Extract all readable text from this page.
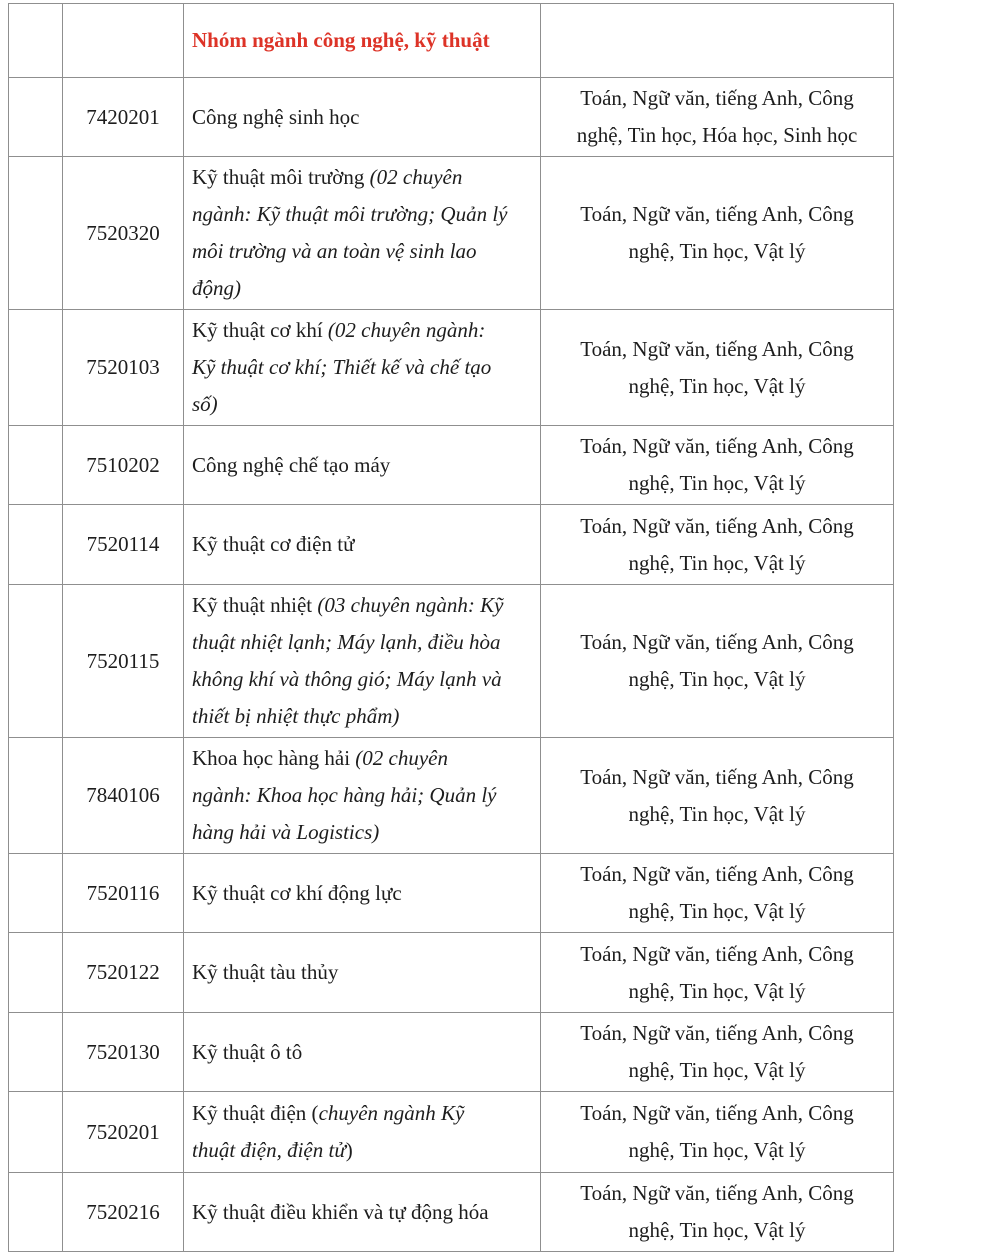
		Nhóm ngành công nghệ, kỹ thuật	
	7420201	Công nghệ sinh học	Toán, Ngữ văn, tiếng Anh, Công nghệ, Tin học, Hóa học, Sinh học
	7520320	Kỹ thuật môi trường (02 chuyên ngành: Kỹ thuật môi trường; Quản lý môi trường và an toàn vệ sinh lao động)	Toán, Ngữ văn, tiếng Anh, Công nghệ, Tin học, Vật lý
	7520103	Kỹ thuật cơ khí (02 chuyên ngành: Kỹ thuật cơ khí; Thiết kế và chế tạo số)	Toán, Ngữ văn, tiếng Anh, Công nghệ, Tin học, Vật lý
	7510202	Công nghệ chế tạo máy	Toán, Ngữ văn, tiếng Anh, Công nghệ, Tin học, Vật lý
	7520114	Kỹ thuật cơ điện tử	Toán, Ngữ văn, tiếng Anh, Công nghệ, Tin học, Vật lý
	7520115	Kỹ thuật nhiệt (03 chuyên ngành: Kỹ thuật nhiệt lạnh; Máy lạnh, điều hòa không khí và thông gió; Máy lạnh và thiết bị nhiệt thực phẩm)	Toán, Ngữ văn, tiếng Anh, Công nghệ, Tin học, Vật lý
	7840106	Khoa học hàng hải (02 chuyên ngành: Khoa học hàng hải; Quản lý hàng hải và Logistics)	Toán, Ngữ văn, tiếng Anh, Công nghệ, Tin học, Vật lý
	7520116	Kỹ thuật cơ khí động lực	Toán, Ngữ văn, tiếng Anh, Công nghệ, Tin học, Vật lý
	7520122	Kỹ thuật tàu thủy	Toán, Ngữ văn, tiếng Anh, Công nghệ, Tin học, Vật lý
	7520130	Kỹ thuật ô tô	Toán, Ngữ văn, tiếng Anh, Công nghệ, Tin học, Vật lý
	7520201	Kỹ thuật điện (chuyên ngành Kỹ thuật điện, điện tử)	Toán, Ngữ văn, tiếng Anh, Công nghệ, Tin học, Vật lý
	7520216	Kỹ thuật điều khiển và tự động hóa	Toán, Ngữ văn, tiếng Anh, Công nghệ, Tin học, Vật lý
